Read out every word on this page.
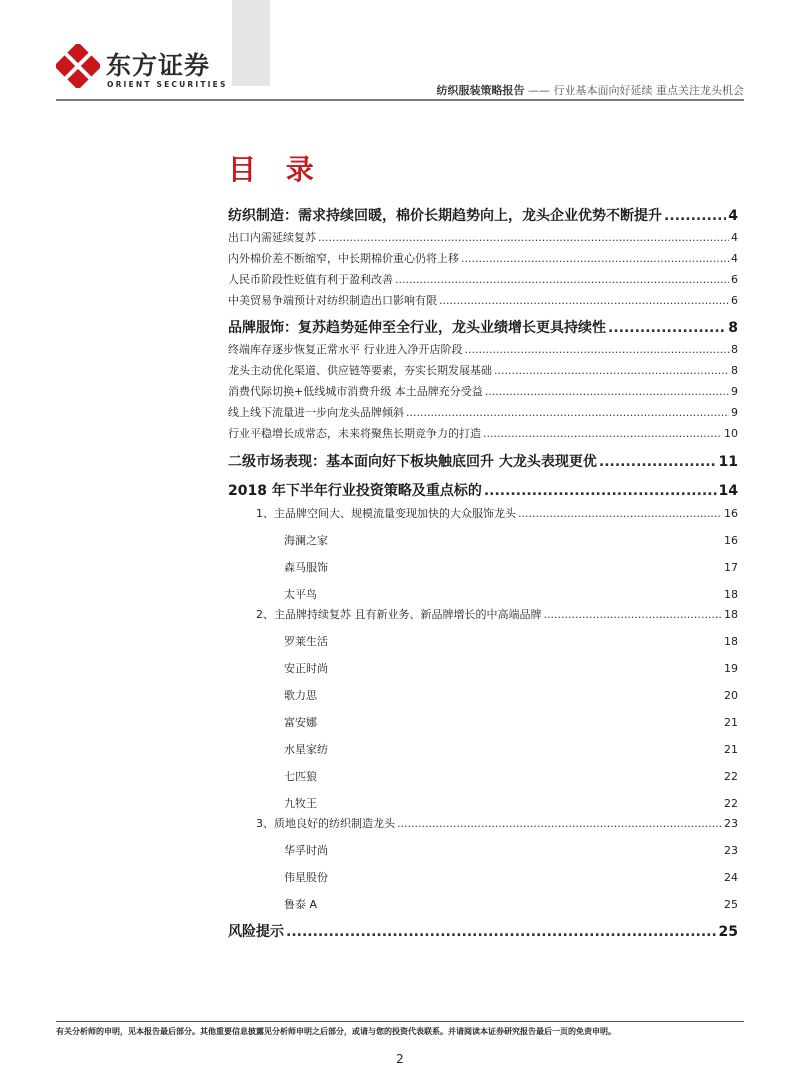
东方证券
ORIENT SECURITIES	纺织服装策略报告 —— 行业基本面向好延续 重点关注龙头机会
目 录
纺织制造：需求持续回暖，棉价长期趋势向上，龙头企业优势不断提升 .....	4
出口内需延续复苏 .....	4
内外棉价差不断缩窄，中长期棉价重心仍将上移 .....	4
人民币阶段性贬值有利于盈利改善 .....	6
中美贸易争端预计对纺织制造出口影响有限 .....	6
品牌服饰：复苏趋势延伸至全行业，龙头业绩增长更具持续性 .....	8
终端库存逐步恢复正常水平 行业进入净开店阶段 .....	8
龙头主动优化渠道、供应链等要素，夯实长期发展基础 .....	8
消费代际切换+低线城市消费升级 本土品牌充分受益 .....	9
线上线下流量进一步向龙头品牌倾斜 .....	9
行业平稳增长成常态，未来将聚焦长期竞争力的打造 .....	10
二级市场表现：基本面向好下板块触底回升 大龙头表现更优 .....	11
2018 年下半年行业投资策略及重点标的 .....	14
1、主品牌空间大、规模流量变现加快的大众服饰龙头 .....	16
海澜之家	16
森马服饰	17
太平鸟	18
2、主品牌持续复苏 且有新业务、新品牌增长的中高端品牌 .....	18
罗莱生活	18
安正时尚	19
歌力思	20
富安娜	21
水星家纺	21
七匹狼	22
九牧王	22
3、质地良好的纺织制造龙头 .....	23
华孚时尚	23
伟星股份	24
鲁泰 A	25
风险提示 .....	25
有关分析师的申明，见本报告最后部分。其他重要信息披露见分析师申明之后部分，或请与您的投资代表联系。并请阅读本证券研究报告最后一页的免责申明。
2
